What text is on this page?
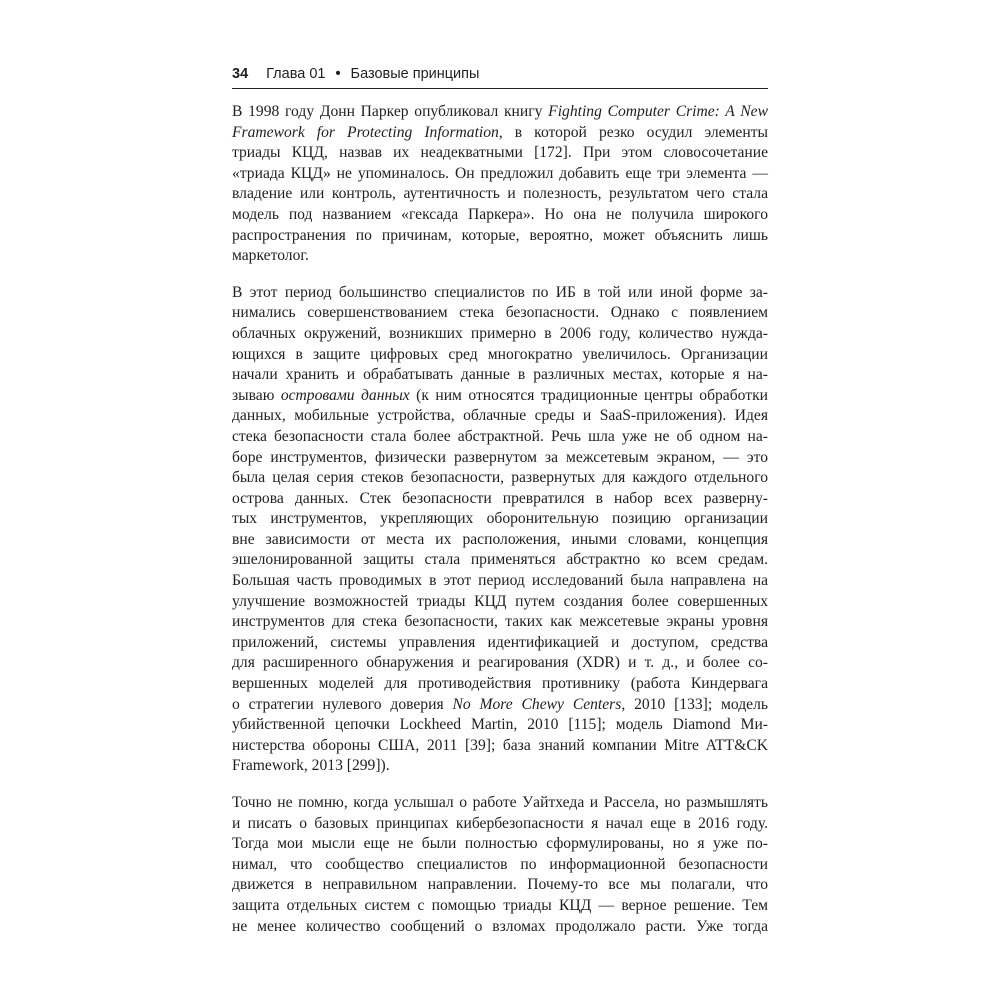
34 Глава 01 • Базовые принципы
В 1998 году Донн Паркер опубликовал книгу Fighting Computer Crime: A New
Framework for Protecting Information, в которой резко осудил элементы
триады КЦД, назвав их неадекватными [172]. При этом словосочетание
«триада КЦД» не упоминалось. Он предложил добавить еще три элемента —
владение или контроль, аутентичность и полезность, результатом чего стала
модель под названием «гексада Паркера». Но она не получила широкого
распространения по причинам, которые, вероятно, может объяснить лишь
маркетолог.
В этот период большинство специалистов по ИБ в той или иной форме за-
нимались совершенствованием стека безопасности. Однако с появлением
облачных окружений, возникших примерно в 2006 году, количество нужда-
ющихся в защите цифровых сред многократно увеличилось. Организации
начали хранить и обрабатывать данные в различных местах, которые я на-
зываю островами данных (к ним относятся традиционные центры обработки
данных, мобильные устройства, облачные среды и SaaS-приложения). Идея
стека безопасности стала более абстрактной. Речь шла уже не об одном на-
боре инструментов, физически развернутом за межсетевым экраном, — это
была целая серия стеков безопасности, развернутых для каждого отдельного
острова данных. Стек безопасности превратился в набор всех разверну-
тых инструментов, укрепляющих оборонительную позицию организации
вне зависимости от места их расположения, иными словами, концепция
эшелонированной защиты стала применяться абстрактно ко всем средам.
Большая часть проводимых в этот период исследований была направлена на
улучшение возможностей триады КЦД путем создания более совершенных
инструментов для стека безопасности, таких как межсетевые экраны уровня
приложений, системы управления идентификацией и доступом, средства
для расширенного обнаружения и реагирования (XDR) и т. д., и более со-
вершенных моделей для противодействия противнику (работа Киндервага
о стратегии нулевого доверия No More Chewy Centers, 2010 [133]; модель
убийственной цепочки Lockheed Martin, 2010 [115]; модель Diamond Ми-
нистерства обороны США, 2011 [39]; база знаний компании Mitre ATT&CK
Framework, 2013 [299]).
Точно не помню, когда услышал о работе Уайтхеда и Рассела, но размышлять
и писать о базовых принципах кибербезопасности я начал еще в 2016 году.
Тогда мои мысли еще не были полностью сформулированы, но я уже по-
нимал, что сообщество специалистов по информационной безопасности
движется в неправильном направлении. Почему-то все мы полагали, что
защита отдельных систем с помощью триады КЦД — верное решение. Тем
не менее количество сообщений о взломах продолжало расти. Уже тогда
